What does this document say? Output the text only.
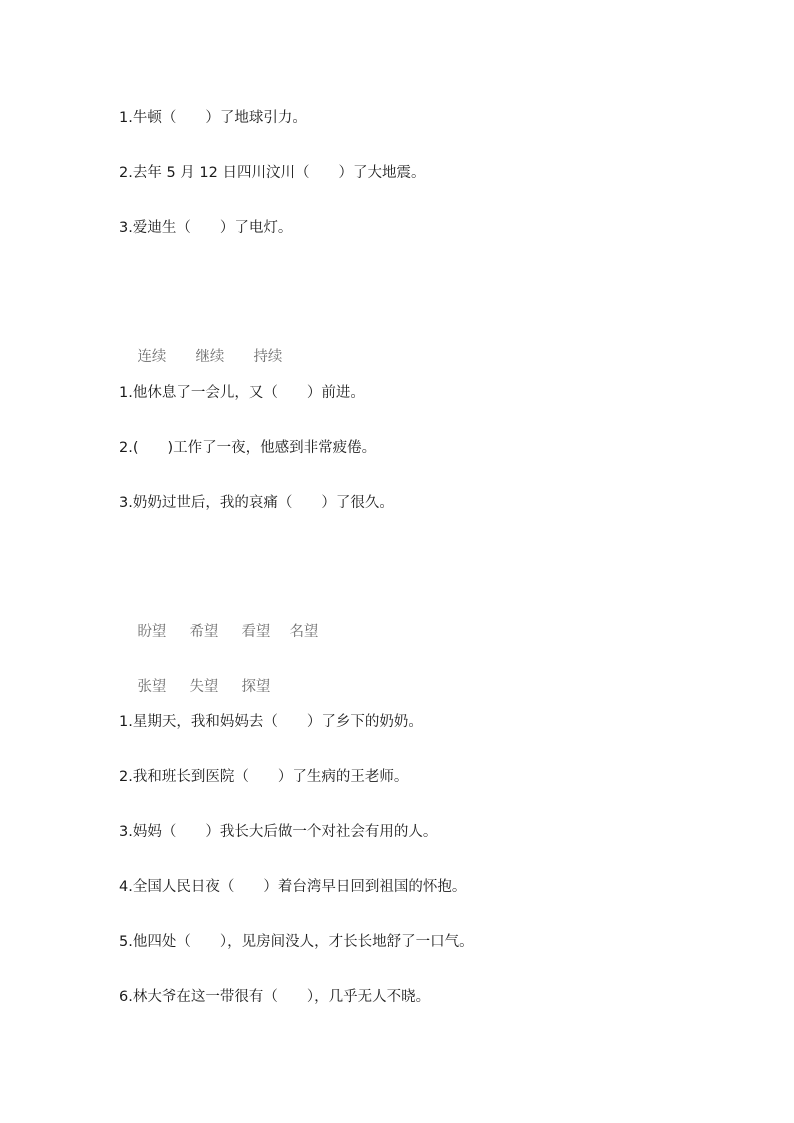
1.牛顿（　　）了地球引力。
2.去年 5 月 12 日四川汶川（　　）了大地震。
3.爱迪生（　　）了电灯。

连续 继续 持续

1.他休息了一会儿，又（　　）前进。
2.(　　)工作了一夜，他感到非常疲倦。
3.奶奶过世后，我的哀痛（　　）了很久。

盼望 希望 看望 名望

张望 失望 探望

1.星期天，我和妈妈去（　　）了乡下的奶奶。
2.我和班长到医院（　　）了生病的王老师。
3.妈妈（　　）我长大后做一个对社会有用的人。
4.全国人民日夜（　　）着台湾早日回到祖国的怀抱。
5.他四处（　　），见房间没人，才长长地舒了一口气。
6.林大爷在这一带很有（　　），几乎无人不晓。
